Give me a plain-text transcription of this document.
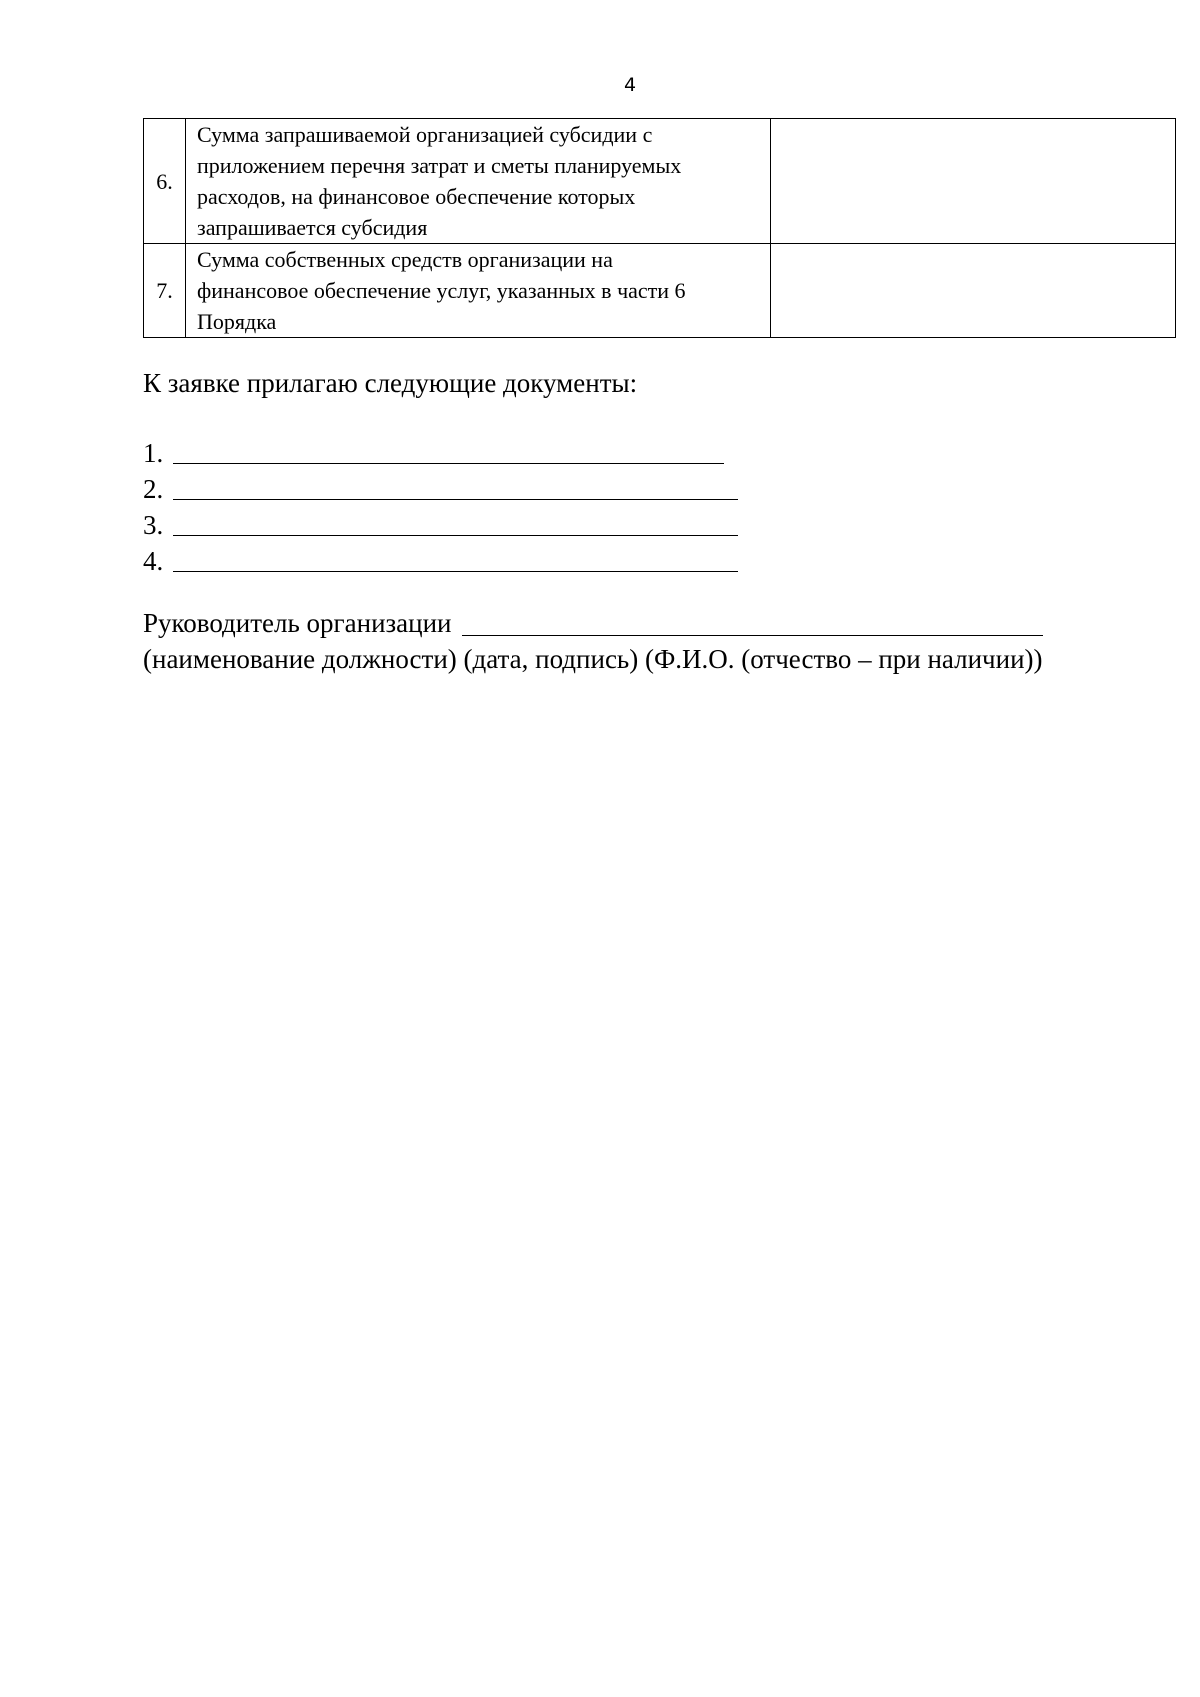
4
6.	Сумма запрашиваемой организацией субсидии с
приложением перечня затрат и сметы планируемых
расходов, на финансовое обеспечение которых
запрашивается субсидия	

7.	Сумма собственных средств организации на
финансовое обеспечение услуг, указанных в части 6
Порядка	

К заявке прилагаю следующие документы:
1.
2.
3.
4.
Руководитель организации
(наименование должности) (дата, подпись) (Ф.И.О. (отчество – при наличии))
